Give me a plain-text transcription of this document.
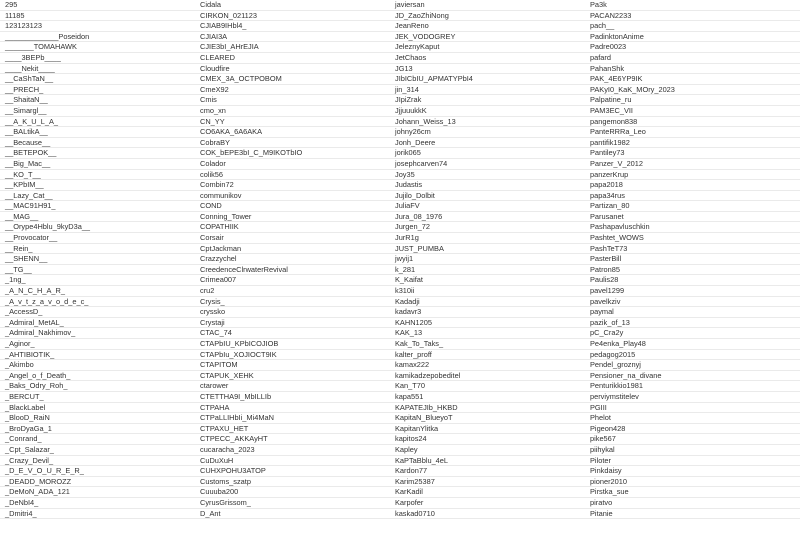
295
11185
123123123
_____________Poseidon
_______TOMAHAWK
____3BEPb____
____Nekit____
__CaShTaN__
__PRECH_
__ShaitaN__
__Simargl__
__A_K_U_L_A_
__BALtikA__
__Because__
__BETEPOK__
__Big_Mac__
__KO_T__
__KPbIM__
__Lazy_Cat__
__MAC91H91_
__MAG__
__Orype4Hblu_9kyD3a__
__Provocator__
__Rein_
__SHENN__
__TG__
_1ng_
_A_N_C_H_A_R_
_A_v_t_z_a_v_o_d_e_c_
_AccessD_
_Admiral_MetAL_
_Admiral_Nakhimov_
_Aginor_
_AHTIBIOTIK_
_Akimbo
_Angel_o_f_Death_
_Baks_Odry_Roh_
_BERCUT_
_BlackLabel
_BlooD_RaiN
_BroDyaGa_1
_Conrand_
_Cpt_Salazar_
_Crazy_Devil_
_D_E_V_O_U_R_E_R_
_DEADD_MOROZZ
_DeMoN_ADA_121
_DeNbI4_
_Dmitri4_
Cidala
CIRKON_021123
CJIAB9IHbl4_
CJIAI3A
CJIE3bI_AHrEJIA
CLEARED
Cloudfire
CMEX_3A_OCTPOBOM
CmeX92
Cmis
cmo_xn
CN_YY
CO6AKA_6A6AKA
CobraBY
COK_bEPE3bI_C_M9IKOTbIO
Colador
colik56
Combin72
communikov
COND
Conning_Tower
COPATHIIK
Corsair
CptJackman
Crazzychel
CreedenceClrwaterRevival
Crimea007
cru2
Crysis_
cryssko
Crystaji
CTAC_74
CTAPbIU_KPbICOJIOB
CTAPbIu_XOJIOCT9IK
CTAPITOM
CTAPUK_XEHK
ctarower
CTETTHA9I_MbILLIb
CTPAHA
CTPaLLIHbIi_Mi4MaN
CTPAXU_HET
CTPECC_AKKAyHT
cucaracha_2023
CuDuXuH
CUHXPOHU3ATOP
Customs_szatp
Cuuuba200
CyrusGrissom_
D_Ant
javiersan
JD_ZaoZhiNong
JeanReno
JEK_VODOGREY
JeleznyKaput
JetChaos
JG13
JIbICbIU_APMATYPbI4
jin_314
JIpiZrak
JjjuuukkK
Johann_Weiss_13
johny26cm
Jonh_Deere
jorik065
josephcarven74
Joy35
Judastis
Jujilo_Dolbit
JuliaFV
Jura_08_1976
Jurgen_72
JurR1g
JUST_PUMBA
jwyij1
k_281
K_Kaifat
k310ii
Kadadji
kadavr3
KAHN1205
KAK_13
Kak_To_Taks_
kalter_proff
kamax222
kamikadzepobeditel
Kan_T70
kapa551
KAPATEJIb_HKBD
KapitaN_BlueyoT
KapitanYlitka
kapitos24
Kapley
KaPTaBblu_4eL
Kardon77
Karim25387
KarKadil
Karpofer
kaskad0710
Pa3k
PACAN2233
pach__
PadinktonAnime
Padre0023
pafard
PahanShk
PAK_4E6YP9IK
PAKyI0_KaK_MOry_2023
Palpatine_ru
PAM3EC_VII
pangemon838
PanteRRRa_Leo
pantifik1982
Pantiley73
Panzer_V_2012
panzerKrup
papa2018
papa34rus
Partizan_80
Parusanet
Pashapavluschkin
Pashtet_WOWS
PashTeT73
PasterBill
Patron85
Paulis28
pavel1299
pavelkziv
paymal
pazik_of_13
pC_Cra2y
Pe4enka_Play48
pedagog2015
Pendel_groznyj
Pensioner_na_divane
Penturikkio1981
perviymstitelev
PGIII
Phelot
Pigeon428
pike567
piihykal
Piloter
Pinkdaisy
pioner2010
Pirstka_sue
piratvo
Pitanie
